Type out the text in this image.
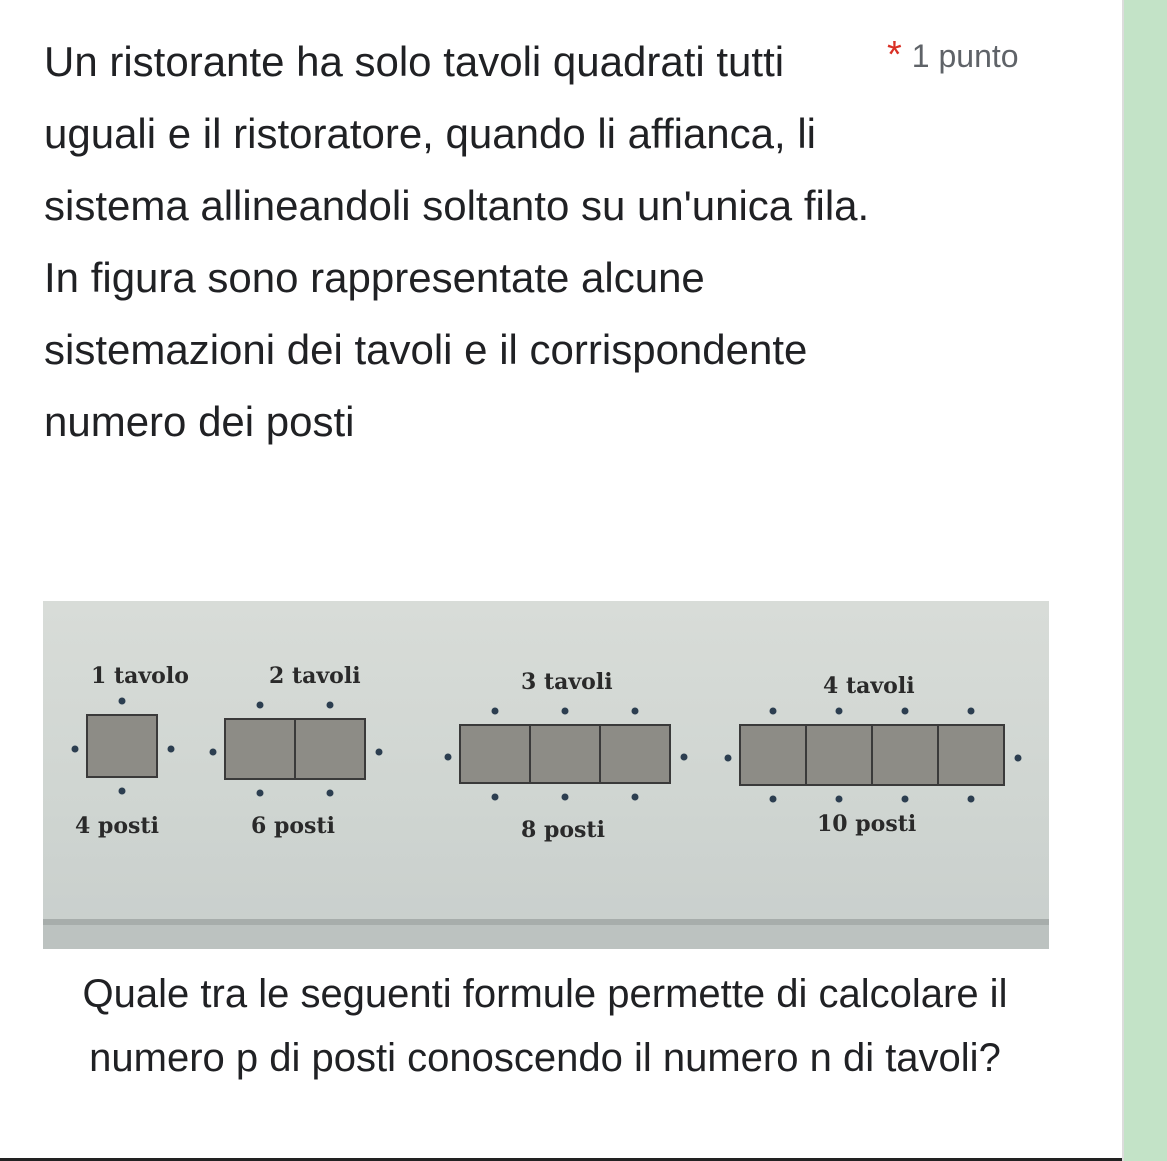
Un ristorante ha solo tavoli quadrati tutti uguali e il ristoratore, quando li affianca, li sistema allineandoli soltanto su un'unica fila. In figura sono rappresentate alcune sistemazioni dei tavoli e il corrispondente numero dei posti

* 1 punto
1 tavolo	2 tavoli	3 tavoli	4 tavoli
4 posti	6 posti	8 posti	10 posti

Quale tra le seguenti formule permette di calcolare il numero p di posti conoscendo il numero n di tavoli?
